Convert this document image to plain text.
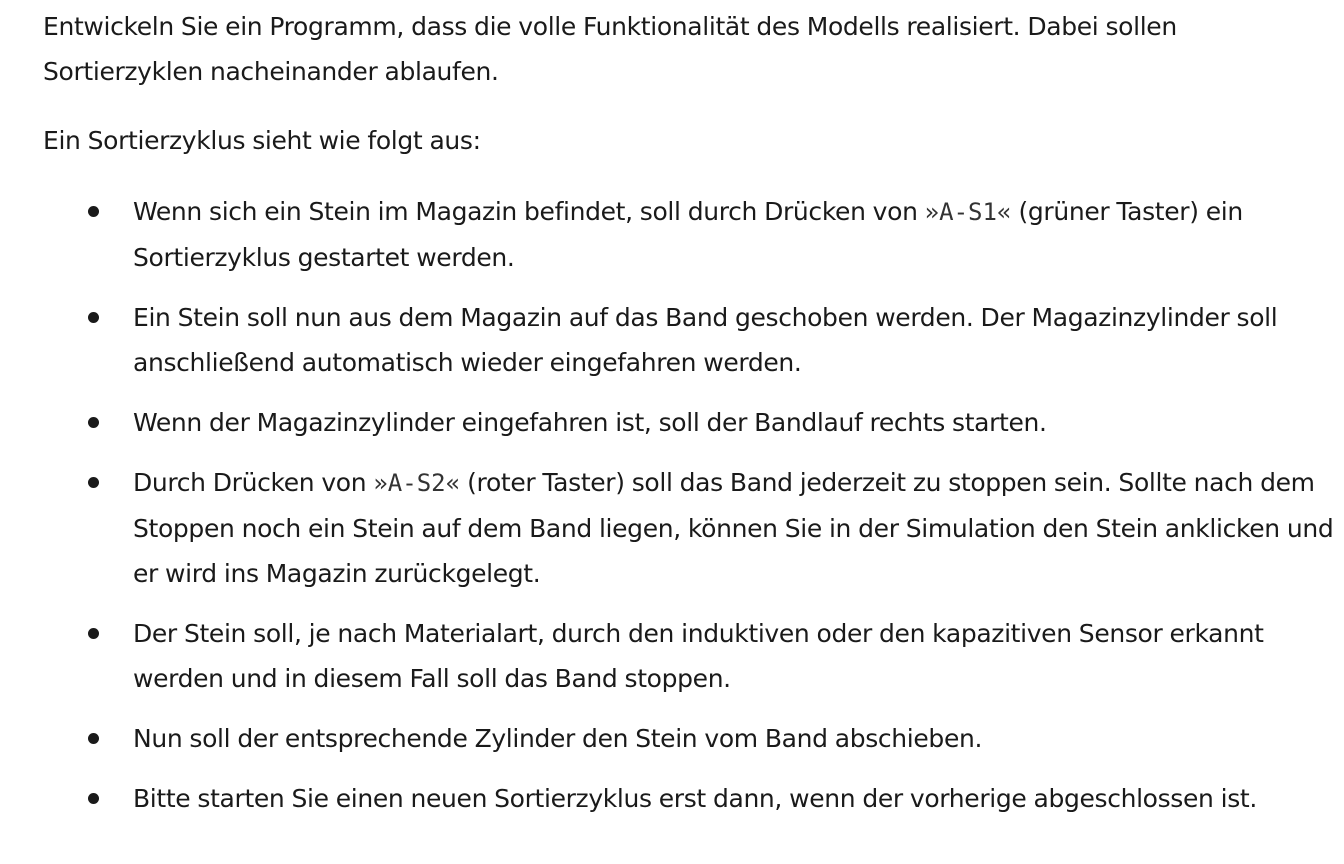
Entwickeln Sie ein Programm, dass die volle Funktionalität des Modells realisiert. Dabei sollen Sortierzyklen nacheinander ablaufen.

Ein Sortierzyklus sieht wie folgt aus:

Wenn sich ein Stein im Magazin befindet, soll durch Drücken von »A-S1« (grüner Taster) ein Sortierzyklus gestartet werden.
Ein Stein soll nun aus dem Magazin auf das Band geschoben werden. Der Magazinzylinder soll anschließend automatisch wieder eingefahren werden.
Wenn der Magazinzylinder eingefahren ist, soll der Bandlauf rechts starten.
Durch Drücken von »A-S2« (roter Taster) soll das Band jederzeit zu stoppen sein. Sollte nach dem Stoppen noch ein Stein auf dem Band liegen, können Sie in der Simulation den Stein anklicken und er wird ins Magazin zurückgelegt.
Der Stein soll, je nach Materialart, durch den induktiven oder den kapazitiven Sensor erkannt werden und in diesem Fall soll das Band stoppen.
Nun soll der entsprechende Zylinder den Stein vom Band abschieben.
Bitte starten Sie einen neuen Sortierzyklus erst dann, wenn der vorherige abgeschlossen ist.
